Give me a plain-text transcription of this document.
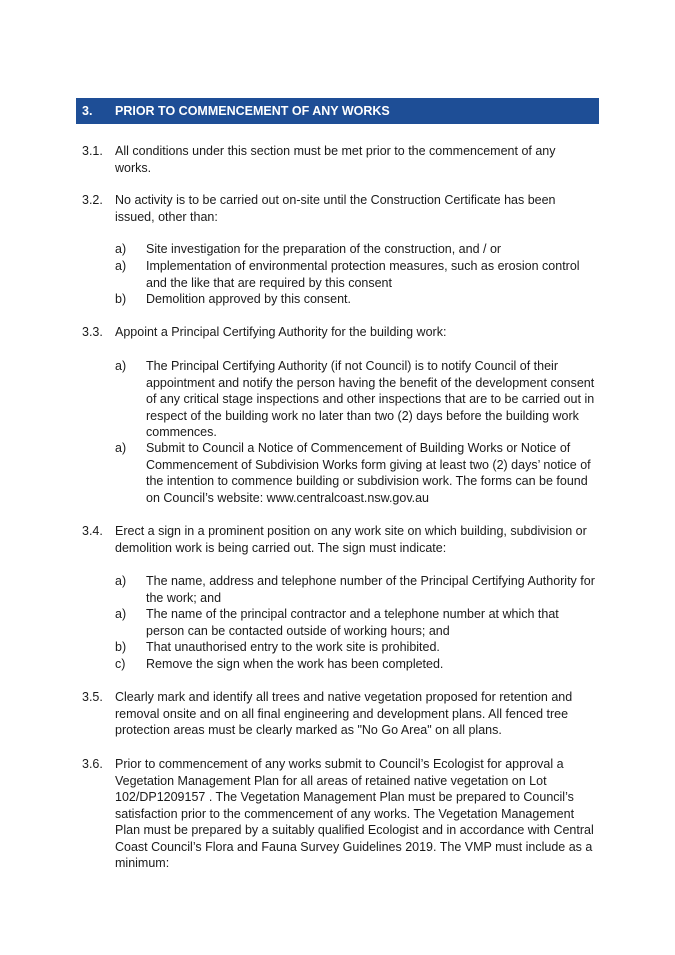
3. PRIOR TO COMMENCEMENT OF ANY WORKS
3.1. All conditions under this section must be met prior to the commencement of any works.

3.2. No activity is to be carried out on-site until the Construction Certificate has been issued, other than:

a) Site investigation for the preparation of the construction, and / or

a) Implementation of environmental protection measures, such as erosion control and the like that are required by this consent

b) Demolition approved by this consent.

3.3. Appoint a Principal Certifying Authority for the building work:

a) The Principal Certifying Authority (if not Council) is to notify Council of their appointment and notify the person having the benefit of the development consent of any critical stage inspections and other inspections that are to be carried out in respect of the building work no later than two (2) days before the building work commences.

a) Submit to Council a Notice of Commencement of Building Works or Notice of Commencement of Subdivision Works form giving at least two (2) days’ notice of the intention to commence building or subdivision work. The forms can be found on Council’s website: www.centralcoast.nsw.gov.au

3.4. Erect a sign in a prominent position on any work site on which building, subdivision or demolition work is being carried out. The sign must indicate:

a) The name, address and telephone number of the Principal Certifying Authority for the work; and

a) The name of the principal contractor and a telephone number at which that person can be contacted outside of working hours; and

b) That unauthorised entry to the work site is prohibited.

c) Remove the sign when the work has been completed.

3.5. Clearly mark and identify all trees and native vegetation proposed for retention and removal onsite and on all final engineering and development plans. All fenced tree protection areas must be clearly marked as "No Go Area" on all plans.

3.6. Prior to commencement of any works submit to Council’s Ecologist for approval a Vegetation Management Plan for all areas of retained native vegetation on Lot 102/DP1209157 . The Vegetation Management Plan must be prepared to Council’s satisfaction prior to the commencement of any works. The Vegetation Management Plan must be prepared by a suitably qualified Ecologist and in accordance with Central Coast Council’s Flora and Fauna Survey Guidelines 2019. The VMP must include as a minimum:
